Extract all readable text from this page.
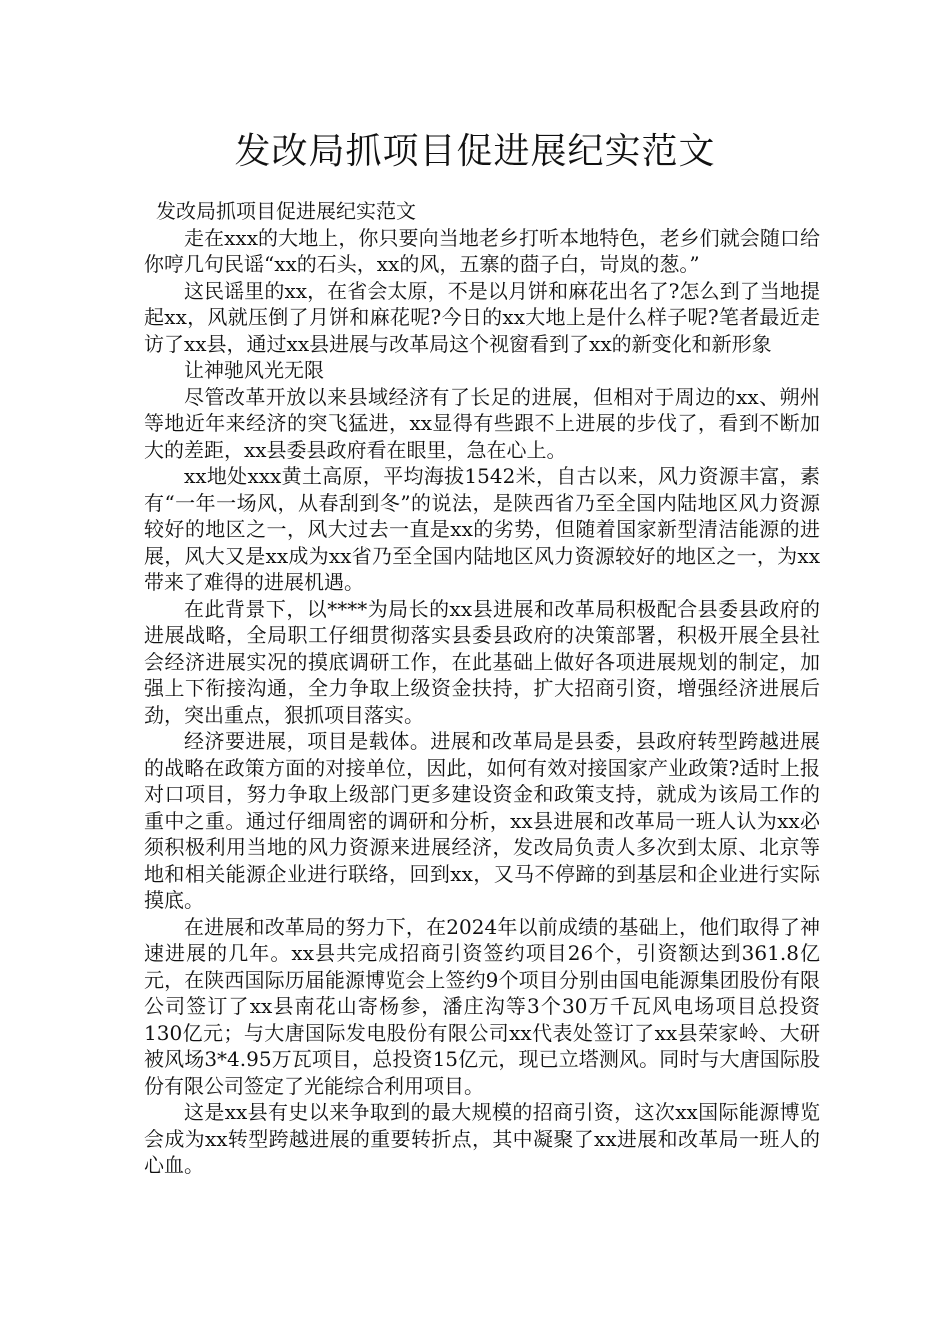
发改局抓项目促进展纪实范文

发改局抓项目促进展纪实范文

走在xxx的大地上，你只要向当地老乡打听本地特色，老乡们就会随口给你哼几句民谣“xx的石头，xx的风，五寨的莔子白，岢岚的葱。”

这民谣里的xx，在省会太原，不是以月饼和麻花出名了?怎么到了当地提起xx，风就压倒了月饼和麻花呢?今日的xx大地上是什么样子呢?笔者最近走访了xx县，通过xx县进展与改革局这个视窗看到了xx的新变化和新形象

让神驰风光无限

尽管改革开放以来县域经济有了长足的进展，但相对于周边的xx、朔州等地近年来经济的突飞猛进，xx显得有些跟不上进展的步伐了，看到不断加大的差距，xx县委县政府看在眼里，急在心上。

xx地处xxx黄土高原，平均海拔1542米，自古以来，风力资源丰富，素有“一年一场风，从春刮到冬”的说法，是陕西省乃至全国内陆地区风力资源较好的地区之一，风大过去一直是xx的劣势，但随着国家新型清洁能源的进展，风大又是xx成为xx省乃至全国内陆地区风力资源较好的地区之一，为xx带来了难得的进展机遇。

在此背景下，以****为局长的xx县进展和改革局积极配合县委县政府的进展战略，全局职工仔细贯彻落实县委县政府的决策部署，积极开展全县社会经济进展实况的摸底调研工作，在此基础上做好各项进展规划的制定，加强上下衔接沟通，全力争取上级资金扶持，扩大招商引资，增强经济进展后劲，突出重点，狠抓项目落实。

经济要进展，项目是载体。进展和改革局是县委，县政府转型跨越进展的战略在政策方面的对接单位，因此，如何有效对接国家产业政策?适时上报对口项目，努力争取上级部门更多建设资金和政策支持，就成为该局工作的重中之重。通过仔细周密的调研和分析，xx县进展和改革局一班人认为xx必须积极利用当地的风力资源来进展经济，发改局负责人多次到太原、北京等地和相关能源企业进行联络，回到xx，又马不停蹄的到基层和企业进行实际摸底。

在进展和改革局的努力下，在2024年以前成绩的基础上，他们取得了神速进展的几年。xx县共完成招商引资签约项目26个，引资额达到361.8亿元，在陕西国际历届能源博览会上签约9个项目分别由国电能源集团股份有限公司签订了xx县南花山寄杨参，潘庄沟等3个30万千瓦风电场项目总投资130亿元；与大唐国际发电股份有限公司xx代表处签订了xx县荣家岭、大研被风场3*4.95万瓦项目，总投资15亿元，现已立塔测风。同时与大唐国际股份有限公司签定了光能综合利用项目。

这是xx县有史以来争取到的最大规模的招商引资，这次xx国际能源博览会成为xx转型跨越进展的重要转折点，其中凝聚了xx进展和改革局一班人的心血。
